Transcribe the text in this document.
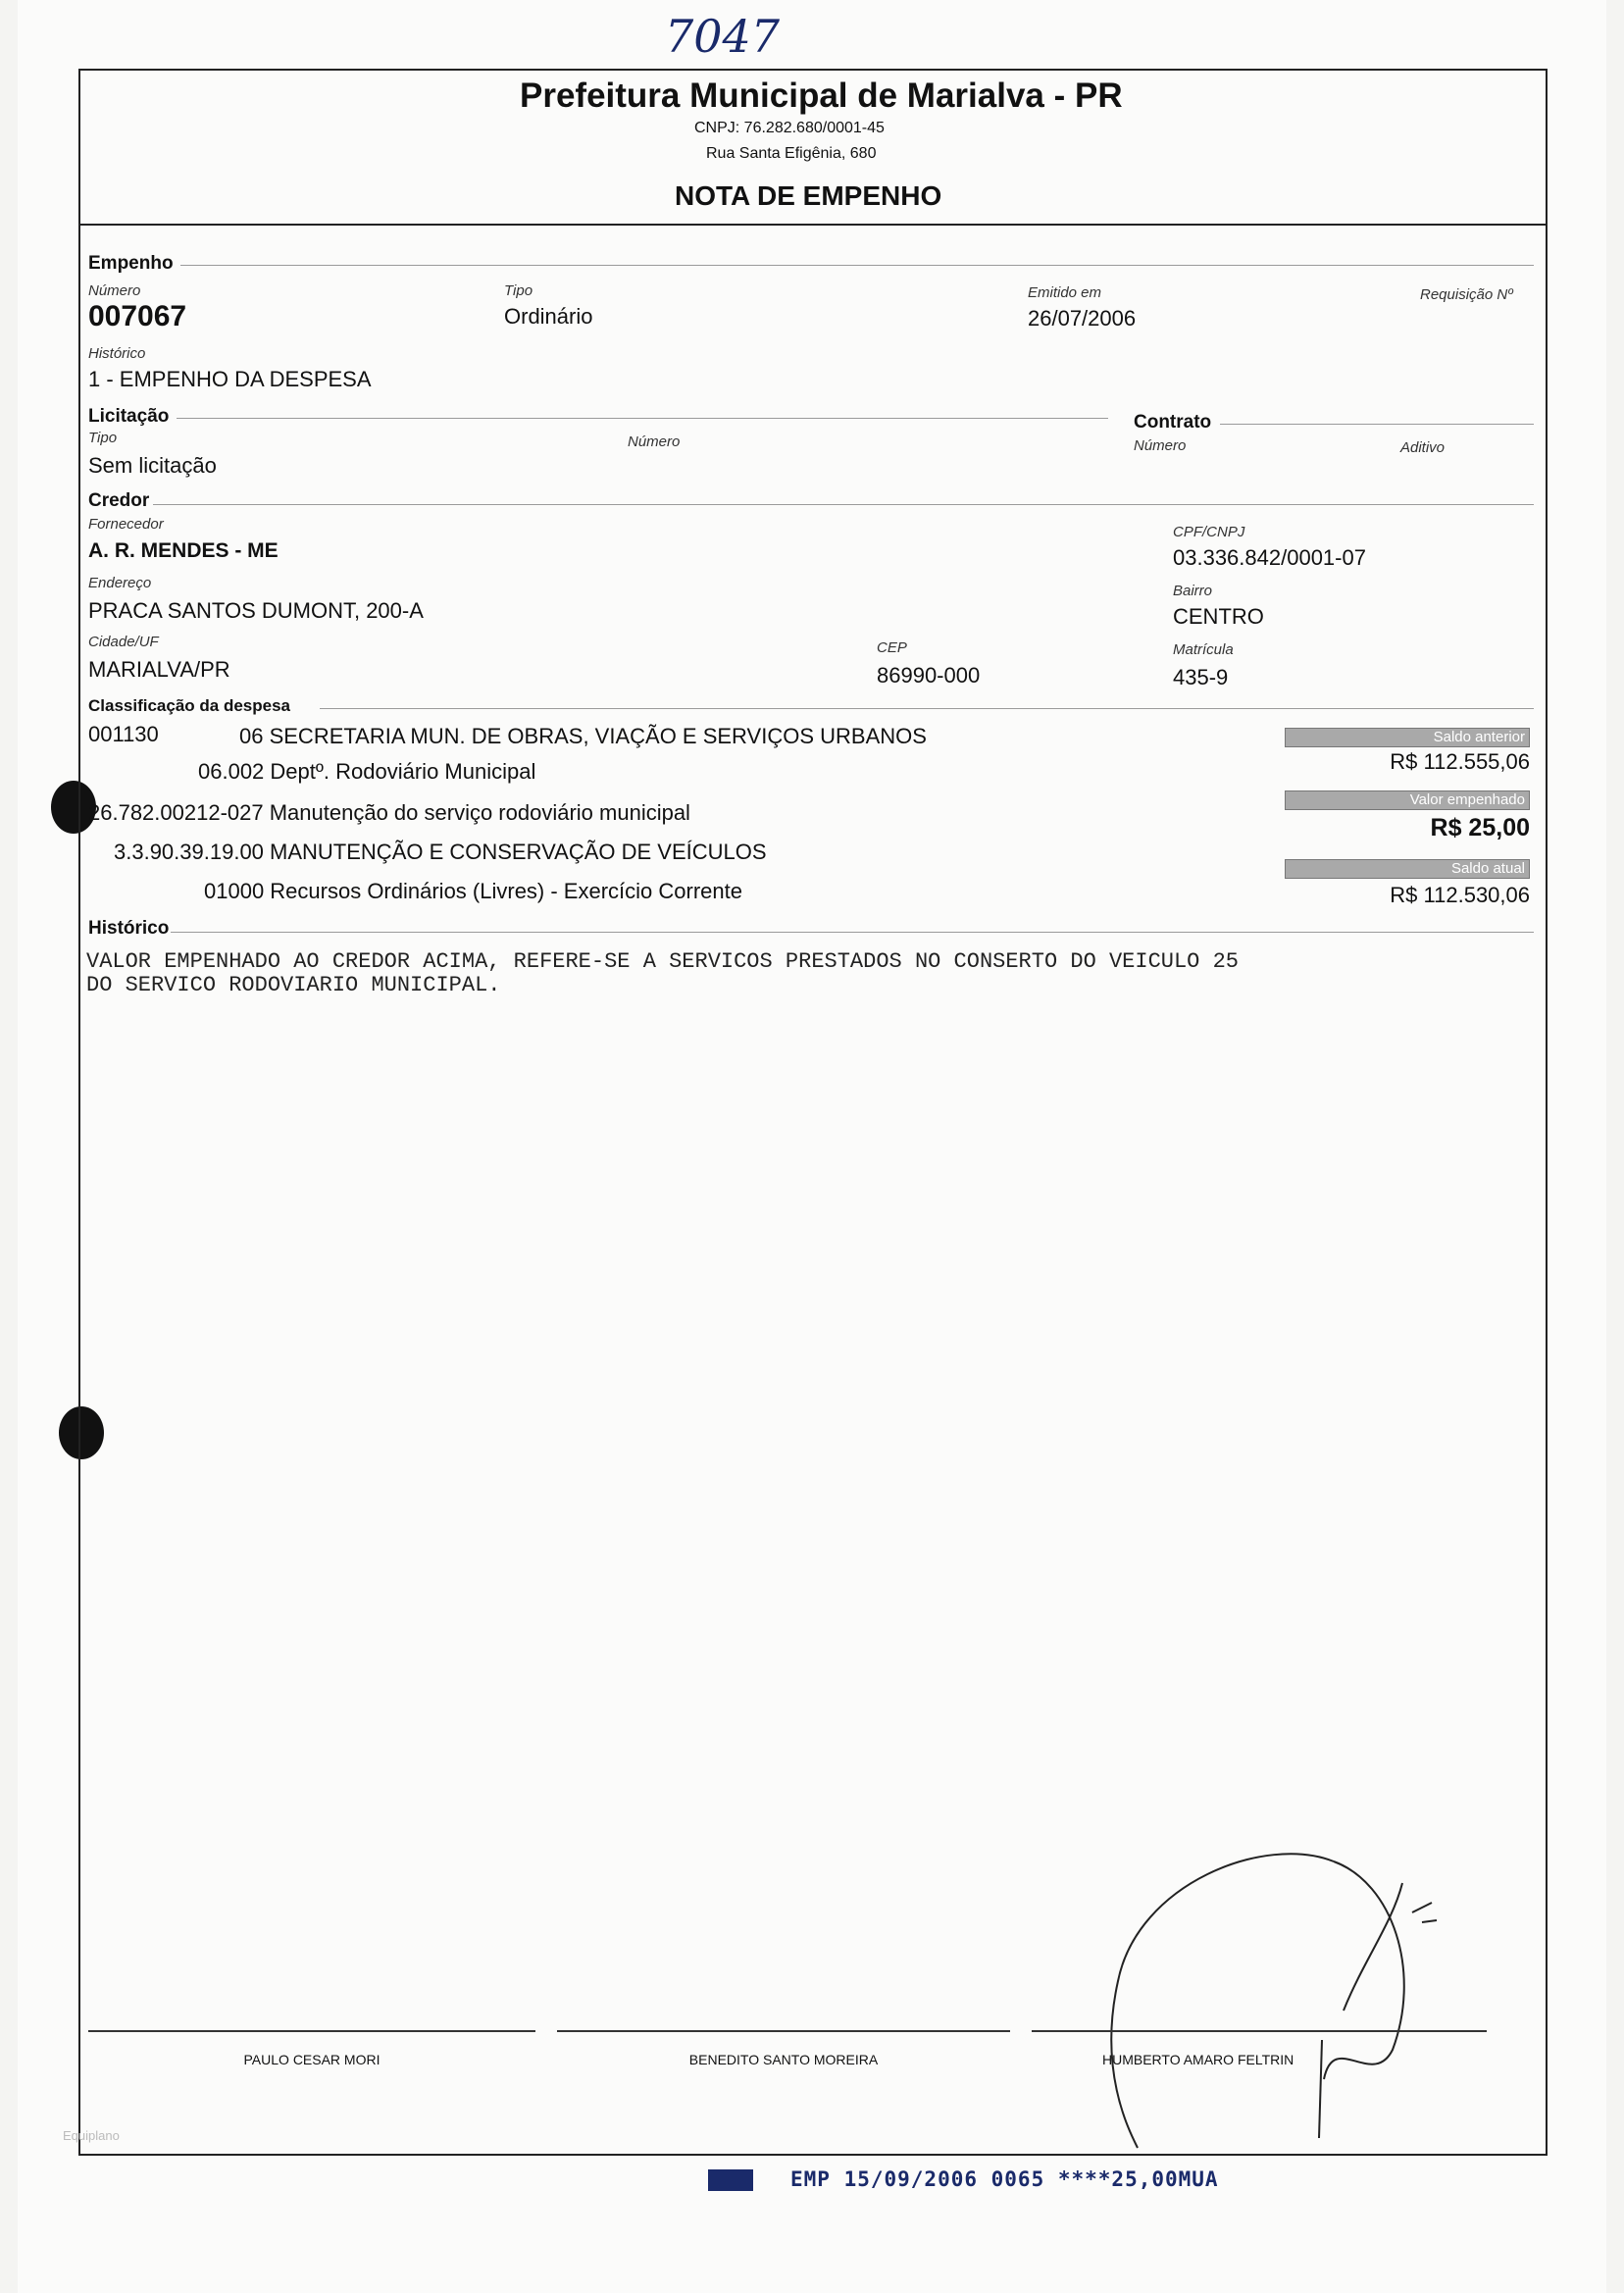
7047
Prefeitura Municipal de Marialva - PR
CNPJ: 76.282.680/0001-45
Rua Santa Efigênia, 680
NOTA DE EMPENHO
Empenho
Número
007067
Tipo
Ordinário
Emitido em
26/07/2006
Requisição Nº
Histórico
1 - EMPENHO DA DESPESA
Licitação
Tipo
Sem licitação
Número
Contrato
Número	Aditivo
Credor
Fornecedor
A. R. MENDES - ME
CPF/CNPJ
03.336.842/0001-07
Endereço
PRACA SANTOS DUMONT, 200-A
Bairro
CENTRO
Cidade/UF
MARIALVA/PR
CEP
86990-000
Matrícula
435-9
Classificação da despesa
001130	06 SECRETARIA MUN. DE OBRAS, VIAÇÃO E SERVIÇOS URBANOS
06.002 Deptº. Rodoviário Municipal
26.782.00212-027 Manutenção do serviço rodoviário municipal
3.3.90.39.19.00 MANUTENÇÃO E CONSERVAÇÃO DE VEÍCULOS
01000 Recursos Ordinários (Livres) - Exercício Corrente
Saldo anterior
R$ 112.555,06
Valor empenhado
R$ 25,00
Saldo atual
R$ 112.530,06
Histórico
VALOR EMPENHADO AO CREDOR ACIMA, REFERE-SE A SERVICOS PRESTADOS NO CONSERTO DO VEICULO 25
DO SERVICO RODOVIARIO MUNICIPAL.
PAULO CESAR MORI	BENEDITO SANTO MOREIRA	HUMBERTO AMARO FELTRIN
Equiplano
EMP 15/09/2006 0065 ****25,00MUA
